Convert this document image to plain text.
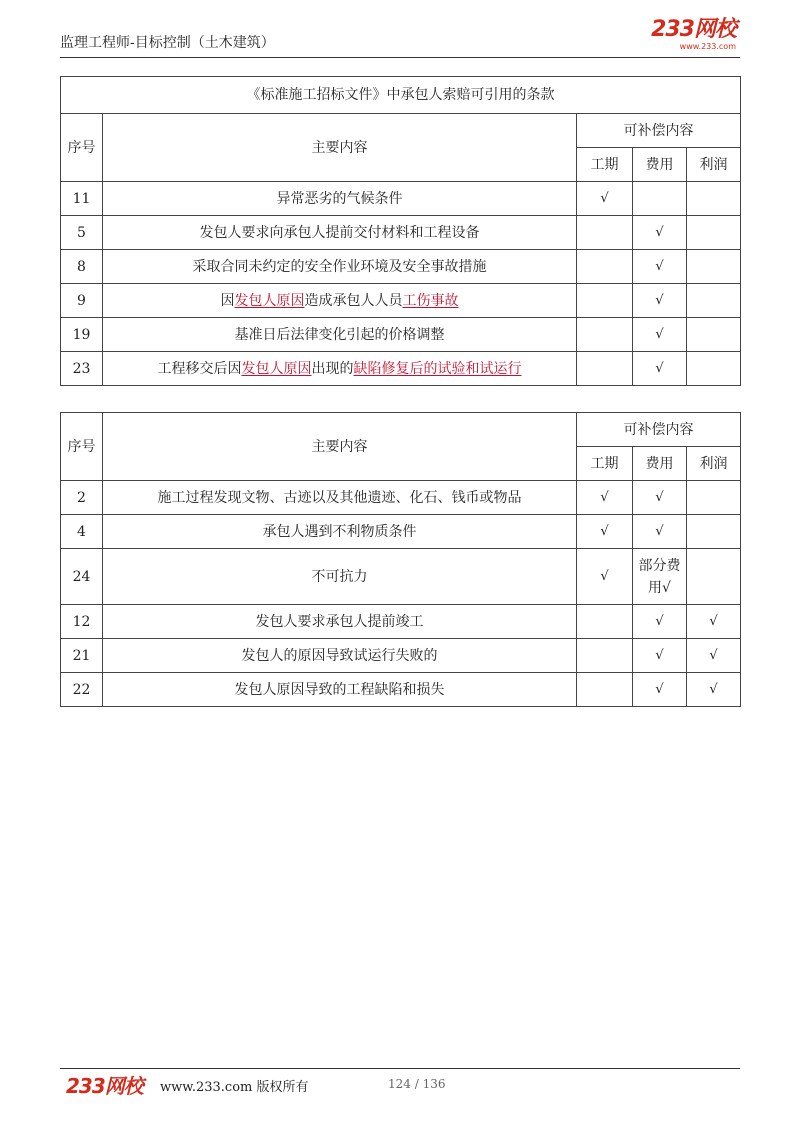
监理工程师-目标控制（土木建筑）
233网校
www.233.com
《标准施工招标文件》中承包人索赔可引用的条款				
序号	主要内容	可补偿内容		
		工期	费用	利润
11	异常恶劣的气候条件	√		
5	发包人要求向承包人提前交付材料和工程设备		√	
8	采取合同未约定的安全作业环境及安全事故措施		√	
9	因发包人原因造成承包人人员工伤事故		√	
19	基准日后法律变化引起的价格调整		√	
23	工程移交后因发包人原因出现的缺陷修复后的试验和试运行		√	
序号	主要内容	可补偿内容		
		工期	费用	利润
2	施工过程发现文物、古迹以及其他遗迹、化石、钱币或物品	√	√	
4	承包人遇到不利物质条件	√	√	
24	不可抗力	√	部分费用√	
12	发包人要求承包人提前竣工		√	√
21	发包人的原因导致试运行失败的		√	√
22	发包人原因导致的工程缺陷和损失		√	√
233网校 www.233.com 版权所有	124 / 136
